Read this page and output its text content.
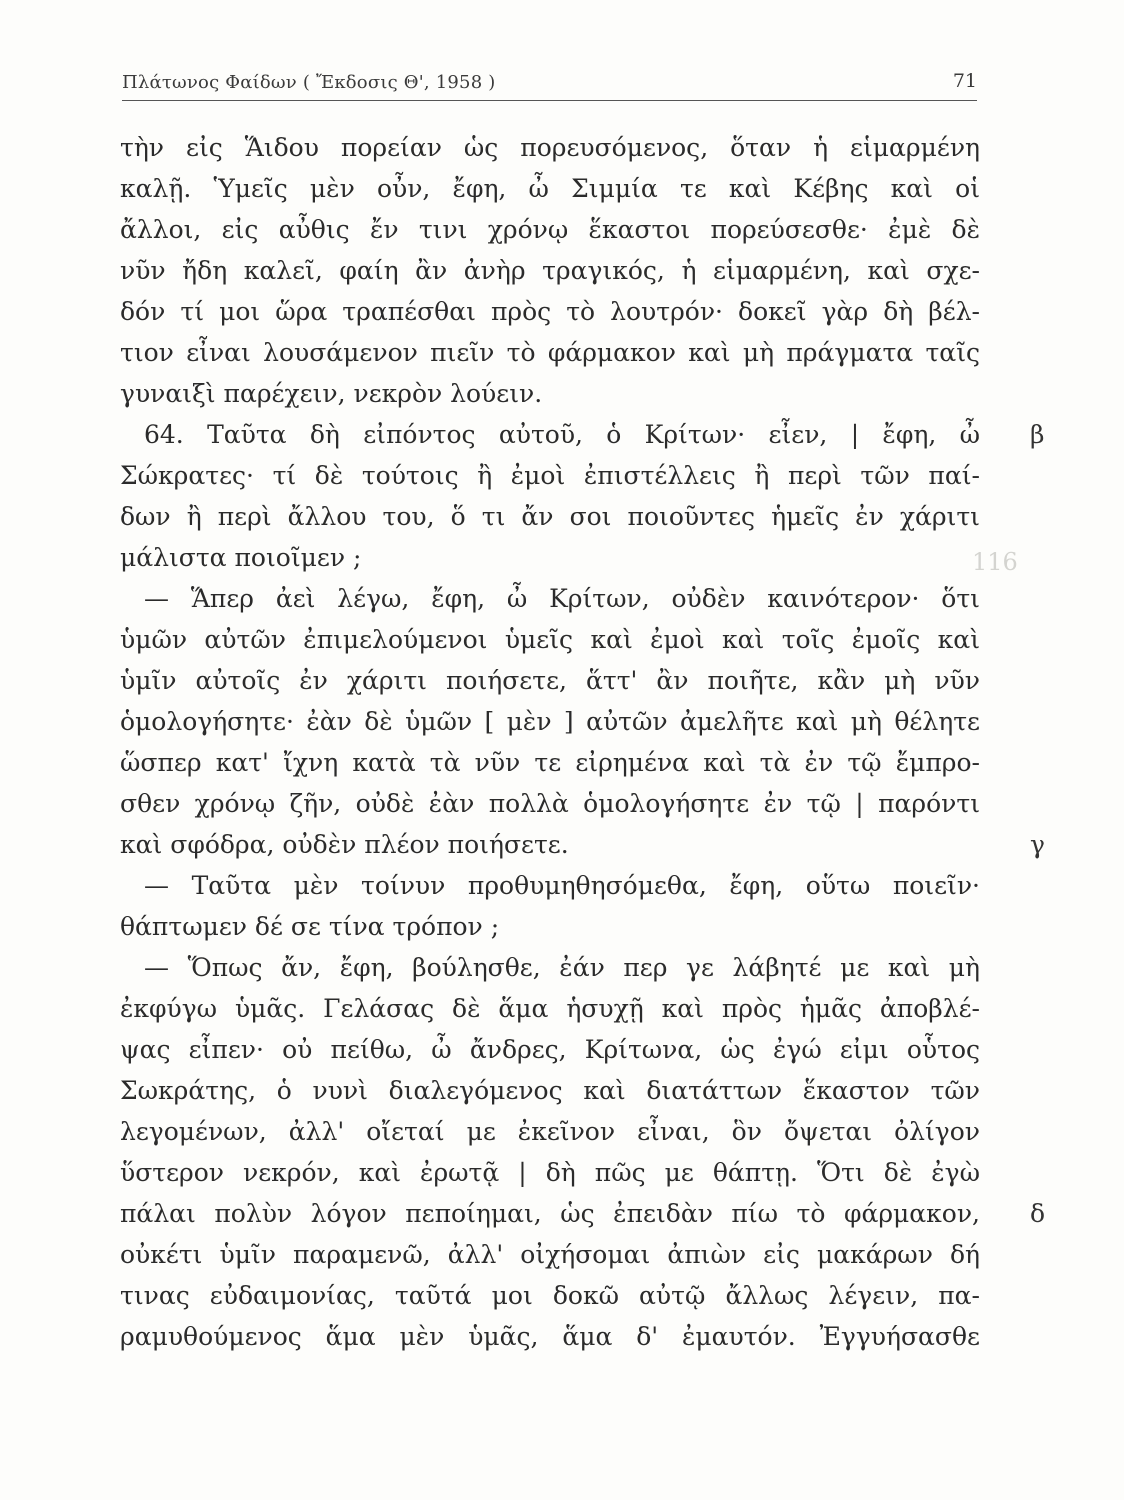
116
Πλάτωνος Φαίδων ( Ἔκδοσις Θ', 1958 )	71
τὴν εἰς Ἅιδου πορείαν ὡς πορευσόμενος, ὅταν ἡ εἱμαρμένη
καλῇ. Ὑμεῖς μὲν οὖν, ἔφη, ὦ Σιμμία τε καὶ Κέβης καὶ οἱ
ἄλλοι, εἰς αὖθις ἔν τινι χρόνῳ ἕκαστοι πορεύσεσθε· ἐμὲ δὲ
νῦν ἤδη καλεῖ, φαίη ἂν ἀνὴρ τραγικός, ἡ εἱμαρμένη, καὶ σχε-
δόν τί μοι ὥρα τραπέσθαι πρὸς τὸ λουτρόν· δοκεῖ γὰρ δὴ βέλ-
τιον εἶναι λουσάμενον πιεῖν τὸ φάρμακον καὶ μὴ πράγματα ταῖς
γυναιξὶ παρέχειν, νεκρὸν λούειν.
64. Ταῦτα δὴ εἰπόντος αὐτοῦ, ὁ Κρίτων· εἶεν, | ἔφη, ὦ
Σώκρατες· τί δὲ τούτοις ἢ ἐμοὶ ἐπιστέλλεις ἢ περὶ τῶν παί-
δων ἢ περὶ ἄλλου του, ὅ τι ἄν σοι ποιοῦντες ἡμεῖς ἐν χάριτι
μάλιστα ποιοῖμεν ;
— Ἅπερ ἀεὶ λέγω, ἔφη, ὦ Κρίτων, οὐδὲν καινότερον· ὅτι
ὑμῶν αὐτῶν ἐπιμελούμενοι ὑμεῖς καὶ ἐμοὶ καὶ τοῖς ἐμοῖς καὶ
ὑμῖν αὐτοῖς ἐν χάριτι ποιήσετε, ἅττ' ἂν ποιῆτε, κἂν μὴ νῦν
ὁμολογήσητε· ἐὰν δὲ ὑμῶν [ μὲν ] αὐτῶν ἀμελῆτε καὶ μὴ θέλητε
ὥσπερ κατ' ἴχνη κατὰ τὰ νῦν τε εἰρημένα καὶ τὰ ἐν τῷ ἔμπρο-
σθεν χρόνῳ ζῆν, οὐδὲ ἐὰν πολλὰ ὁμολογήσητε ἐν τῷ | παρόντι
καὶ σφόδρα, οὐδὲν πλέον ποιήσετε.
— Ταῦτα μὲν τοίνυν προθυμηθησόμεθα, ἔφη, οὕτω ποιεῖν·
θάπτωμεν δέ σε τίνα τρόπον ;
— Ὅπως ἄν, ἔφη, βούλησθε, ἐάν περ γε λάβητέ με καὶ μὴ
ἐκφύγω ὑμᾶς. Γελάσας δὲ ἅμα ἡσυχῇ καὶ πρὸς ἡμᾶς ἀποβλέ-
ψας εἶπεν· οὐ πείθω, ὦ ἄνδρες, Κρίτωνα, ὡς ἐγώ εἰμι οὗτος
Σωκράτης, ὁ νυνὶ διαλεγόμενος καὶ διατάττων ἕκαστον τῶν
λεγομένων, ἀλλ' οἴεταί με ἐκεῖνον εἶναι, ὃν ὄψεται ὀλίγον
ὕστερον νεκρόν, καὶ ἐρωτᾷ | δὴ πῶς με θάπτῃ. Ὅτι δὲ ἐγὼ
πάλαι πολὺν λόγον πεποίημαι, ὡς ἐπειδὰν πίω τὸ φάρμακον,
οὐκέτι ὑμῖν παραμενῶ, ἀλλ' οἰχήσομαι ἀπιὼν εἰς μακάρων δή
τινας εὐδαιμονίας, ταῦτά μοι δοκῶ αὐτῷ ἄλλως λέγειν, πα-
ραμυθούμενος ἅμα μὲν ὑμᾶς, ἅμα δ' ἐμαυτόν. Ἐγγυήσασθε
β
γ
δ
